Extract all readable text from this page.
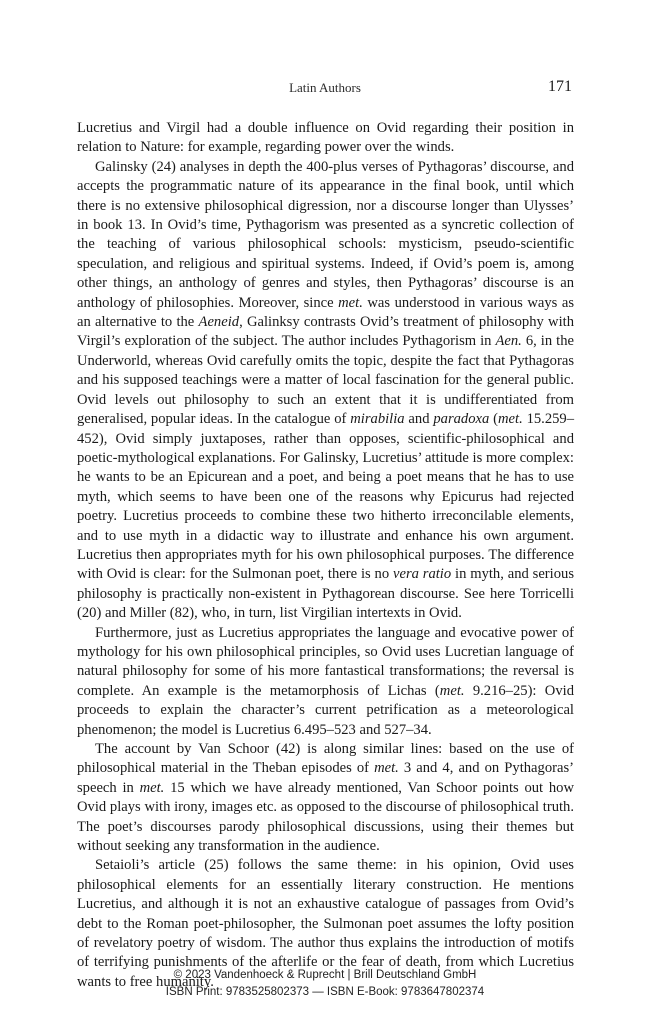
Latin Authors	171

Lucretius and Virgil had a double influence on Ovid regarding their position in relation to Nature: for example, regarding power over the winds.

Galinsky (24) analyses in depth the 400-plus verses of Pythagoras’ discourse, and accepts the programmatic nature of its appearance in the final book, until which there is no extensive philosophical digression, nor a discourse longer than Ulysses’ in book 13. In Ovid’s time, Pythagorism was presented as a syncretic collection of the teaching of various philosophical schools: mysticism, pseudo-scientific speculation, and religious and spiritual systems. Indeed, if Ovid’s poem is, among other things, an anthology of genres and styles, then Pythagoras’ discourse is an anthology of philosophies. Moreover, since met. was understood in various ways as an alternative to the Aeneid, Galinksy contrasts Ovid’s treatment of philosophy with Virgil’s exploration of the subject. The author includes Pythagorism in Aen. 6, in the Underworld, whereas Ovid carefully omits the topic, despite the fact that Pythagoras and his supposed teachings were a matter of local fascination for the general public. Ovid levels out philosophy to such an extent that it is undifferentiated from generalised, popular ideas. In the catalogue of mirabilia and paradoxa (met. 15.259–452), Ovid simply juxtaposes, rather than opposes, scientific-philosophical and poetic-mythological explanations. For Galinsky, Lucretius’ attitude is more complex: he wants to be an Epicurean and a poet, and being a poet means that he has to use myth, which seems to have been one of the reasons why Epicurus had rejected poetry. Lucretius proceeds to combine these two hitherto irreconcilable elements, and to use myth in a didactic way to illustrate and enhance his own argument. Lucretius then appropriates myth for his own philosophical purposes. The difference with Ovid is clear: for the Sulmonan poet, there is no vera ratio in myth, and serious philosophy is practically non-existent in Pythagorean discourse. See here Torricelli (20) and Miller (82), who, in turn, list Virgilian intertexts in Ovid.

Furthermore, just as Lucretius appropriates the language and evocative power of mythology for his own philosophical principles, so Ovid uses Lucretian language of natural philosophy for some of his more fantastical transformations; the reversal is complete. An example is the metamorphosis of Lichas (met. 9.216–25): Ovid proceeds to explain the character’s current petrification as a meteorological phenomenon; the model is Lucretius 6.495–523 and 527–34.

The account by Van Schoor (42) is along similar lines: based on the use of philosophical material in the Theban episodes of met. 3 and 4, and on Pythagoras’ speech in met. 15 which we have already mentioned, Van Schoor points out how Ovid plays with irony, images etc. as opposed to the discourse of philosophical truth. The poet’s discourses parody philosophical discussions, using their themes but without seeking any transformation in the audience.

Setaioli’s article (25) follows the same theme: in his opinion, Ovid uses philosophical elements for an essentially literary construction. He mentions Lucretius, and although it is not an exhaustive catalogue of passages from Ovid’s debt to the Roman poet-philosopher, the Sulmonan poet assumes the lofty position of revelatory poetry of wisdom. The author thus explains the introduction of motifs of terrifying punishments of the afterlife or the fear of death, from which Lucretius wants to free humanity.

© 2023 Vandenhoeck & Ruprecht | Brill Deutschland GmbH
ISBN Print: 9783525802373 — ISBN E-Book: 9783647802374
